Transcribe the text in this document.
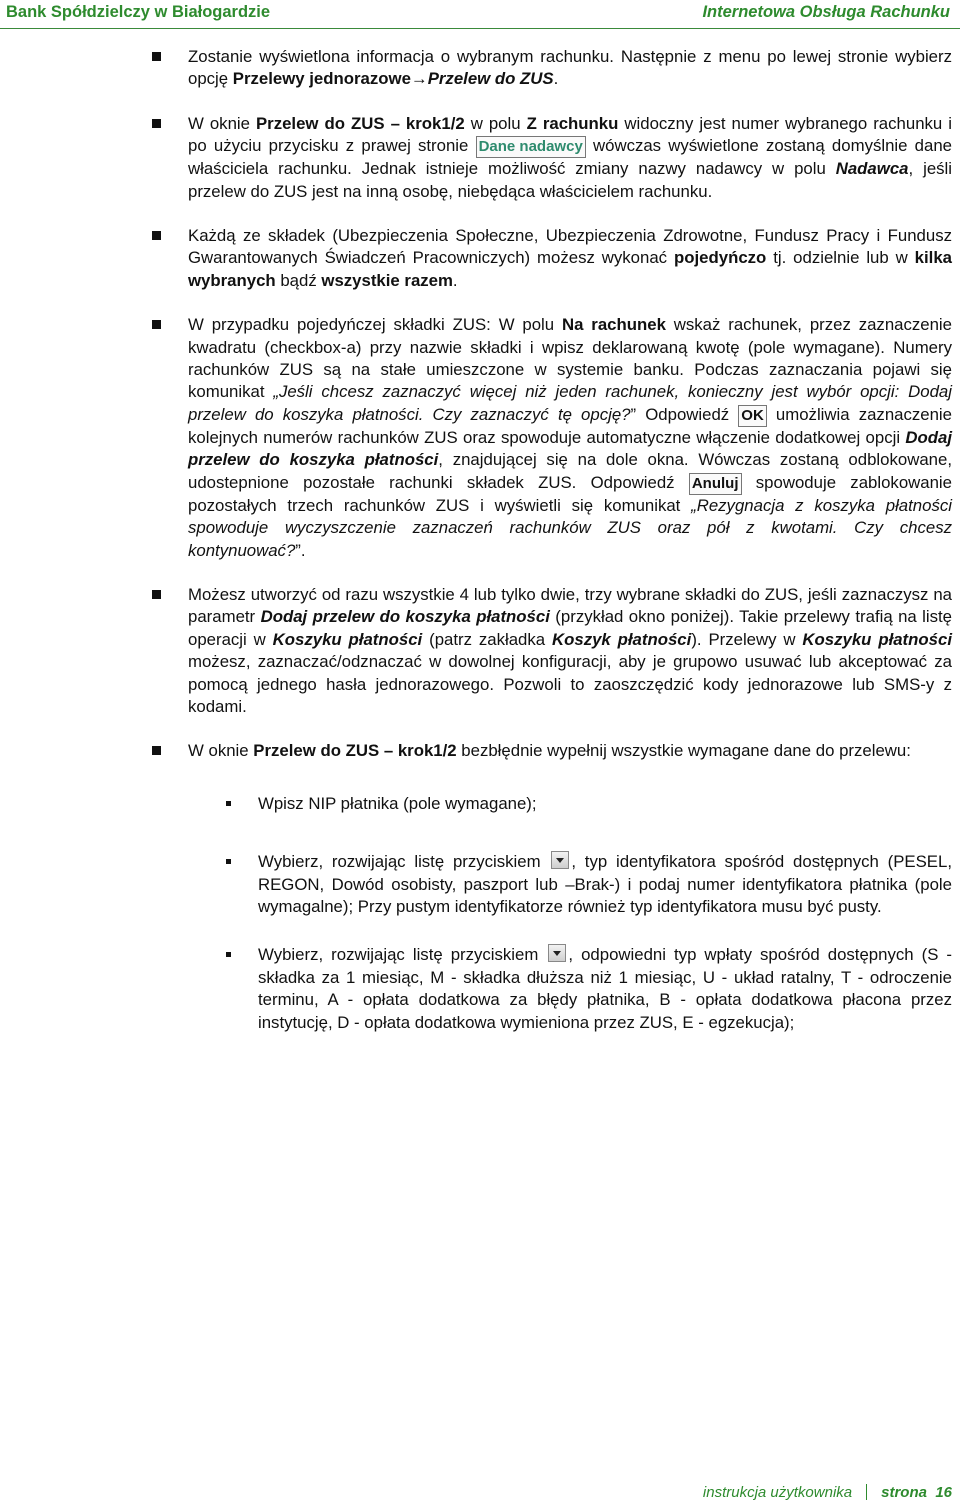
Bank Spółdzielczy w Białogardzie	Internetowa Obsługa Rachunku
Zostanie wyświetlona informacja o wybranym rachunku. Następnie z menu po lewej stronie wybierz opcję Przelewy jednorazowe→Przelew do ZUS.
W oknie Przelew do ZUS – krok1/2 w polu Z rachunku widoczny jest numer wybranego rachunku i po użyciu przycisku z prawej stronie Dane nadawcy wówczas wyświetlone zostaną domyślnie dane właściciela rachunku. Jednak istnieje możliwość zmiany nazwy nadawcy w polu Nadawca, jeśli przelew do ZUS jest na inną osobę, niebędąca właścicielem rachunku.
Każdą ze składek (Ubezpieczenia Społeczne, Ubezpieczenia Zdrowotne, Fundusz Pracy i Fundusz Gwarantowanych Świadczeń Pracowniczych) możesz wykonać pojedyńczo tj. odzielnie lub w kilka wybranych bądź wszystkie razem.
W przypadku pojedyńczej składki ZUS: W polu Na rachunek wskaż rachunek, przez zaznaczenie kwadratu (checkbox-a) przy nazwie składki i wpisz deklarowaną kwotę (pole wymagane). Numery rachunków ZUS są na stałe umieszczone w systemie banku. Podczas zaznaczania pojawi się komunikat „Jeśli chcesz zaznaczyć więcej niż jeden rachunek, konieczny jest wybór opcji: Dodaj przelew do koszyka płatności. Czy zaznaczyć tę opcję?” Odpowiedź OK umożliwia zaznaczenie kolejnych numerów rachunków ZUS oraz spowoduje automatyczne włączenie dodatkowej opcji Dodaj przelew do koszyka płatności, znajdującej się na dole okna. Wówczas zostaną odblokowane, udostepnione pozostałe rachunki składek ZUS. Odpowiedź Anuluj spowoduje zablokowanie pozostałych trzech rachunków ZUS i wyświetli się komunikat „Rezygnacja z koszyka płatności spowoduje wyczyszczenie zaznaczeń rachunków ZUS oraz pół z kwotami. Czy chcesz kontynuować?”.
Możesz utworzyć od razu wszystkie 4 lub tylko dwie, trzy wybrane składki do ZUS, jeśli zaznaczysz na parametr Dodaj przelew do koszyka płatności (przykład okno poniżej). Takie przelewy trafią na listę operacji w Koszyku płatności (patrz zakładka Koszyk płatności). Przelewy w Koszyku płatności możesz, zaznaczać/odznaczać w dowolnej konfiguracji, aby je grupowo usuwać lub akceptować za pomocą jednego hasła jednorazowego. Pozwoli to zaoszczędzić kody jednorazowe lub SMS-y z kodami.
W oknie Przelew do ZUS – krok1/2 bezbłędnie wypełnij wszystkie wymagane dane do przelewu:
Wpisz NIP płatnika (pole wymagane);
Wybierz, rozwijając listę przyciskiem , typ identyfikatora spośród dostępnych (PESEL, REGON, Dowód osobisty, paszport lub –Brak-) i podaj numer identyfikatora płatnika (pole wymagalne); Przy pustym identyfikatorze również typ identyfikatora musu być pusty.
Wybierz, rozwijając listę przyciskiem , odpowiedni typ wpłaty spośród dostępnych (S -składka za 1 miesiąc, M - składka dłuższa niż 1 miesiąc, U - układ ratalny, T - odroczenie terminu, A - opłata dodatkowa za błędy płatnika, B - opłata dodatkowa płacona przez instytucję, D - opłata dodatkowa wymieniona przez ZUS, E - egzekucja);
instrukcja użytkownika strona 16
